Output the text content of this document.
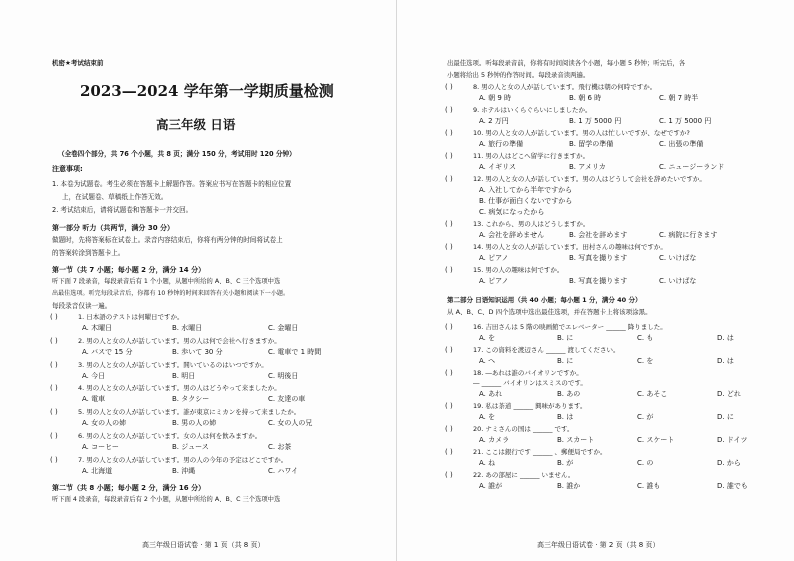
机密★考试结束前
2023—2024 学年第一学期质量检测
高三年级 日语
（全卷四个部分，共 76 个小题，共 8 页；满分 150 分，考试用时 120 分钟）
注意事项:
1. 本卷为试题卷。考生必须在答题卡上解题作答。答案应书写在答题卡的相应位置
上，在试题卷、草稿纸上作答无效。
2. 考试结束后，请将试题卷和答题卡一并交回。
第一部分 听力（共两节，满分 30 分）
做题时，先将答案标在试卷上。录音内容结束后，你将有两分钟的时间将试卷上
的答案转涂到答题卡上。
第一节（共 7 小题；每小题 2 分，满分 14 分）
听下面 7 段录音，每段录音后有 1 个小题，从题中所给的 A、B、C 三个选项中选
出最佳选项。听完每段录音后，你都有 10 秒钟的时间来回答有关小题和阅读下一小题。
每段录音仅读一遍。
( )	1. 日本語のテストは何曜日ですか。
A. 木曜日	B. 水曜日	C. 金曜日
( )	2. 男の人と女の人が話しています。男の人は何で会社へ行きますか。
A. バスで 15 分	B. 歩いて 30 分	C. 電車で 1 時間
( )	3. 男の人と女の人が話しています。開いているのはいつですか。
A. 今日	B. 明日	C. 明後日
( )	4. 男の人と女の人が話しています。男の人はどうやって来ましたか。
A. 電車	B. タクシー	C. 友達の車
( )	5. 男の人と女の人が話しています。誰が東京にミカンを持って来ましたか。
A. 女の人の姉	B. 男の人の姉	C. 女の人の兄
( )	6. 男の人と女の人が話しています。女の人は何を飲みますか。
A. コーヒー	B. ジュース	C. お茶
( )	7. 男の人と女の人が話しています。男の人の今年の予定はどこですか。
A. 北海道	B. 沖縄	C. ハワイ
第二节（共 8 小题；每小题 2 分，满分 16 分）
听下面 4 段录音，每段录音后有 2 个小题，从题中所给的 A、B、C 三个选项中选
高三年级日语试卷 · 第 1 页（共 8 页）
出最佳选项。听每段录音前，你将有时间阅读各个小题，每小题 5 秒钟；听完后，各
小题将给出 5 秒钟的作答时间。每段录音读两遍。
( )	8. 男の人と女の人が話しています。飛行機は朝の何時ですか。
A. 朝 9 時	B. 朝 6 時	C. 朝 7 時半
( )	9. ホテルはいくらぐらいにしましたか。
A. 2 万円	B. 1 万 5000 円	C. 1 万 5000 円
( )	10. 男の人と女の人が話しています。男の人は忙しいですが、なぜですか?
A. 旅行の準備	B. 留学の準備	C. 出張の準備
( )	11. 男の人はどこへ留学に行きますか。
A. イギリス	B. アメリカ	C. ニュージーランド
( )	12. 男の人と女の人が話しています。男の人はどうして会社を辞めたいですか。
A. 入社してから半年ですから
B. 仕事が面白くないですから
C. 病気になったから
( )	13. これから、男の人はどうしますか。
A. 会社を辞めません	B. 会社を辞めます	C. 病院に行きます
( )	14. 男の人と女の人が話しています。田村さんの趣味は何ですか。
A. ピアノ	B. 写真を撮ります	C. いけばな
( )	15. 男の人の趣味は何ですか。
A. ピアノ	B. 写真を撮ります	C. いけばな
第二部分 日语知识运用（共 40 小题；每小题 1 分，满分 40 分）
从 A、B、C、D 四个选项中选出最佳选项，并在答题卡上将该项涂黑。
( )	16. 吉田さんは 5 階の映画館でエレベーター ______ 降りました。
A. を	B. に	C. も	D. は
( )	17. この資料を渡辺さん ______ 渡してください。
A. へ	B. に	C. を	D. は
( )	18. ―あれは誰のバイオリンですか。
― ______ バイオリンはスミスのです。
A. あれ	B. あの	C. あそこ	D. どれ
( )	19. 私は茶道 ______ 興味があります。
A. を	B. は	C. が	D. に
( )	20. ナミさんの国は ______ です。
A. カメラ	B. スカート	C. スケート	D. ドイツ
( )	21. ここは銀行です ______ 、郵便局ですか。
A. ね	B. が	C. の	D. から
( )	22. あの部屋に ______ いません。
A. 誰が	B. 誰か	C. 誰も	D. 誰でも
高三年级日语试卷 · 第 2 页（共 8 页）
